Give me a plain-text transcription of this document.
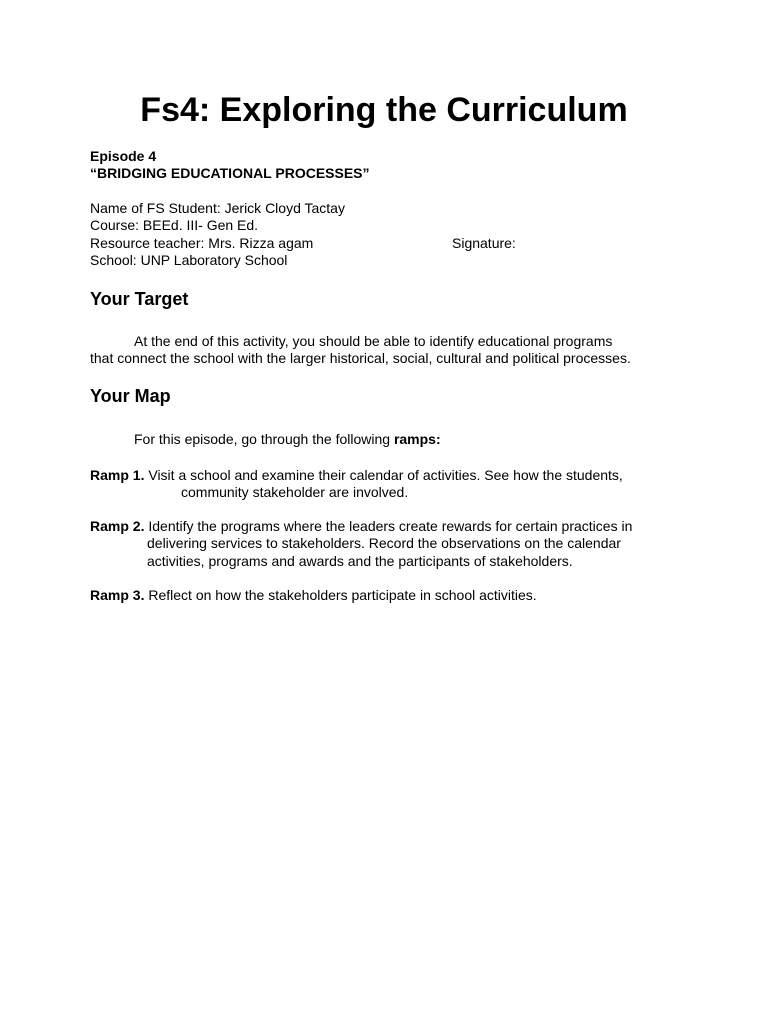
Fs4: Exploring the Curriculum
Episode 4
“BRIDGING EDUCATIONAL PROCESSES”
Name of FS Student: Jerick Cloyd Tactay
Course: BEEd. III- Gen Ed.
Resource teacher: Mrs. Rizza agam	Signature:
School: UNP Laboratory School
Your Target
At the end of this activity, you should be able to identify educational programs
that connect the school with the larger historical, social, cultural and political processes.
Your Map
For this episode, go through the following ramps:
Ramp 1. Visit a school and examine their calendar of activities. See how the students,
community stakeholder are involved.
Ramp 2. Identify the programs where the leaders create rewards for certain practices in
delivering services to stakeholders. Record the observations on the calendar
activities, programs and awards and the participants of stakeholders.
Ramp 3. Reflect on how the stakeholders participate in school activities.
